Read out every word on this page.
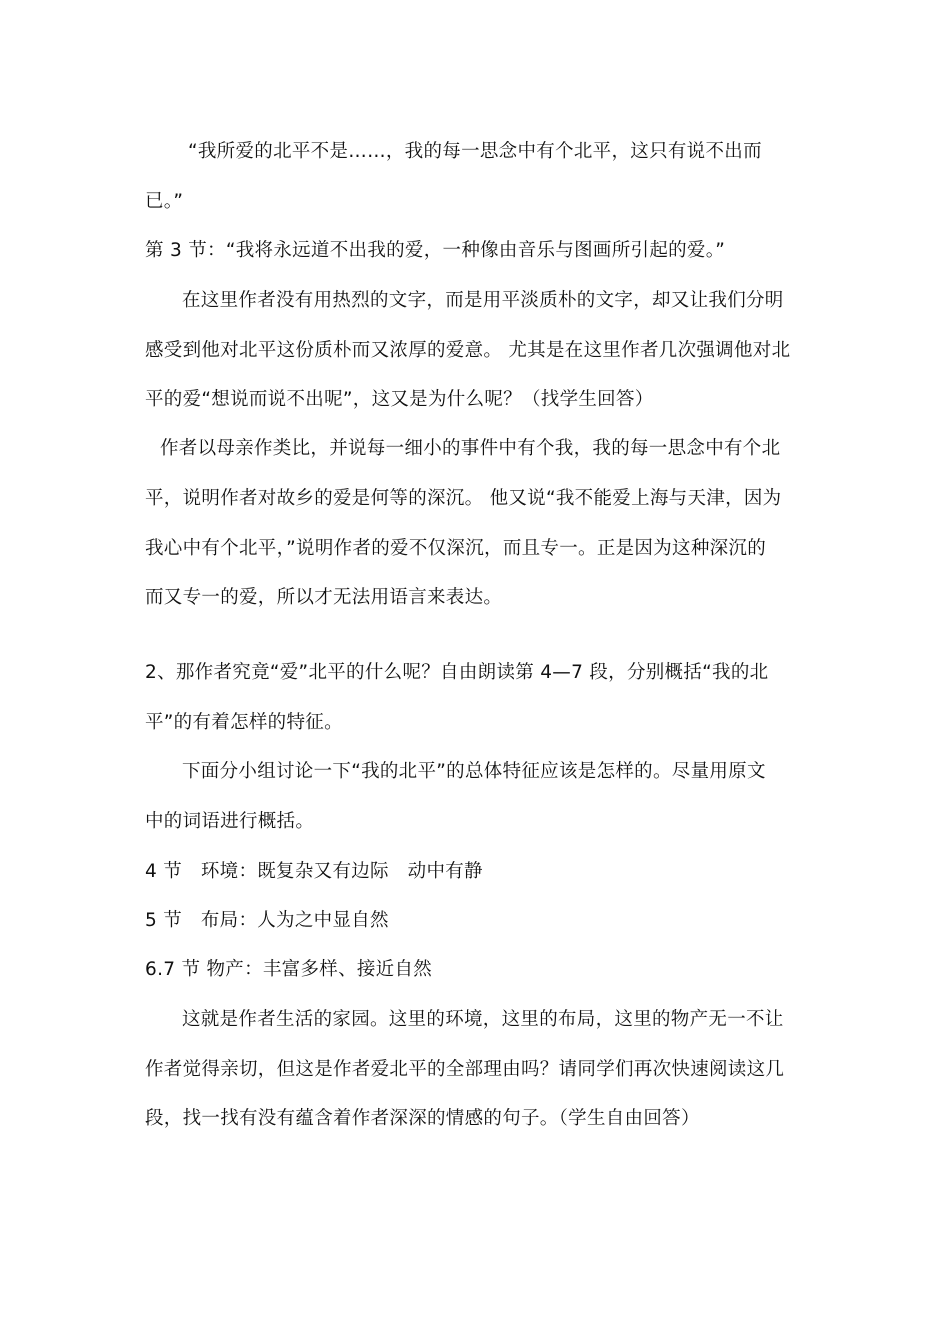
“我所爱的北平不是……，我的每一思念中有个北平，这只有说不出而
已。”
第 3 节：“我将永远道不出我的爱，一种像由音乐与图画所引起的爱。”
在这里作者没有用热烈的文字，而是用平淡质朴的文字，却又让我们分明
感受到他对北平这份质朴而又浓厚的爱意。 尤其是在这里作者几次强调他对北
平的爱“想说而说不出呢”，这又是为什么呢？（找学生回答）
作者以母亲作类比，并说每一细小的事件中有个我，我的每一思念中有个北
平，说明作者对故乡的爱是何等的深沉。 他又说“我不能爱上海与天津，因为
我心中有个北平，”说明作者的爱不仅深沉，而且专一。正是因为这种深沉的
而又专一的爱，所以才无法用语言来表达。
2、那作者究竟“爱”北平的什么呢？自由朗读第 4—7 段，分别概括“我的北
平”的有着怎样的特征。
下面分小组讨论一下“我的北平”的总体特征应该是怎样的。尽量用原文
中的词语进行概括。
4 节　环境：既复杂又有边际　动中有静
5 节　布局：人为之中显自然
6.7 节 物产：丰富多样、接近自然
这就是作者生活的家园。这里的环境，这里的布局，这里的物产无一不让
作者觉得亲切，但这是作者爱北平的全部理由吗？请同学们再次快速阅读这几
段，找一找有没有蕴含着作者深深的情感的句子。（学生自由回答）
